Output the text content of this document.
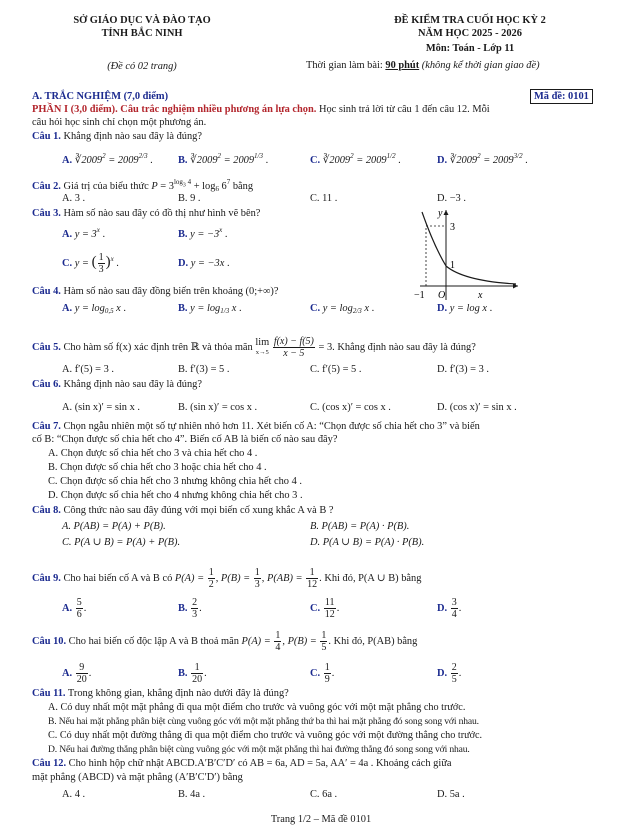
SỞ GIÁO DỤC VÀ ĐÀO TẠO
TỈNH BẮC NINH
(Đề có 02 trang)
ĐỀ KIỂM TRA CUỐI HỌC KỲ 2
NĂM HỌC 2025 - 2026
Môn: Toán - Lớp 11
Thời gian làm bài: 90 phút (không kể thời gian giao đề)
A. TRẮC NGHIỆM (7,0 điểm)	Mã đề: 0101
PHẦN I (3,0 điểm). Câu trắc nghiệm nhiều phương án lựa chọn. Học sinh trả lời từ câu 1 đến câu 12. Mỗi
câu hỏi học sinh chỉ chọn một phương án.
Câu 1. Khẳng định nào sau đây là đúng?
A. $∛2009^2 = 2009^{2/3}$ . B. $∛2009^2 = 2009^{1/3}$ .	C. $∛2009^2 = 2009^{1/2}$ .	D. $∛2009^2 = 2009^{3/2}$ .
Câu 2. Giá trị của biểu thức $P = 3^{log_3 4} + \log_6 6^7$ bằng
A. 3 .	B. 9 .	C. 11 .	D. −3 .
Câu 3. Hàm số nào sau đây có đồ thị như hình vẽ bên?
A. $y = 3^x$ .	B. $y = -3^x$ .
C. y = ( $\frac{1}{3} )^x$ .	D. y = −3x .
3
1
−1 O
y
x
Câu 4. Hàm số nào sau đây đồng biến trên khoảng (0;+∞)?
A. $y = \log_{0,5} x$ .	B. $y = \log_{1/3} x$ .	C. $y = \log_{2/3} x$ .	D. y = log x .
Câu 5. Cho hàm số f(x) xác định trên ℝ và thỏa mãn lim
$x\to 5 \frac{f(x) - f(5)}{x - 5} = 3$. Khẳng định nào sau đây là đúng?
A. f′(5) = 3 .	B. f′(3) = 5 .	C. f′(5) = 5 .	D. f′(3) = 3 .
Câu 6. Khẳng định nào sau đây là đúng?
A. (sin x)′ = sin x .	B. (sin x)′ = cos x .	C. (cos x)′ = cos x .	D. (cos x)′ = sin x .
Câu 7. Chọn ngẫu nhiên một số tự nhiên nhỏ hơn 11. Xét biến cố A: “Chọn được số chia hết cho 3” và biến
cố B: “Chọn được số chia hết cho 4”. Biến cố AB là biến cố nào sau đây?
A. Chọn được số chia hết cho 3 và chia hết cho 4 .
B. Chọn được số chia hết cho 3 hoặc chia hết cho 4 .
C. Chọn được số chia hết cho 3 nhưng không chia hết cho 4 .
D. Chọn được số chia hết cho 4 nhưng không chia hết cho 3 .
Câu 8. Công thức nào sau đây đúng với mọi biến cố xung khắc A và B ?
A. P(AB) = P(A) + P(B).	B. P(AB) = P(A) · P(B).
C. P(A ∪ B) = P(A) + P(B).	D. P(A ∪ B) = P(A) · P(B).
Câu 9. Cho hai biến cố A và B có $P(A) = \frac{1}{2}$ , $P(B) = \frac{1}{3}$ , $P(AB) = \frac{1}{12}$ . Khi đó, P(A ∪ B) bằng
A. $\frac{5}{6}$ .	B. $\frac{2}{3}$ .	C. $\frac{11}{12}$ .	D. $\frac{3}{4}$ .
Câu 10. Cho hai biến cố độc lập A và B thoả mãn $P(A) = \frac{1}{4}$ , $P(B) = \frac{1}{5}$ . Khi đó, P(AB) bằng
A. $\frac{9}{20}$ .	B. $\frac{1}{20}$ .	C. $\frac{1}{9}$ .	D. $\frac{2}{5}$ .
Câu 11. Trong không gian, khẳng định nào dưới đây là đúng?
A. Có duy nhất một mặt phẳng đi qua một điểm cho trước và vuông góc với một mặt phẳng cho trước.
B. Nếu hai mặt phẳng phân biệt cùng vuông góc với một mặt phẳng thứ ba thì hai mặt phẳng đó song song với nhau.
C. Có duy nhất một đường thẳng đi qua một điểm cho trước và vuông góc với một đường thẳng cho trước.
D. Nếu hai đường thẳng phân biệt cùng vuông góc với một mặt phẳng thì hai đường thẳng đó song song với nhau.
Câu 12. Cho hình hộp chữ nhật ABCD.A′B′C′D′ có AB = 6a, AD = 5a, AA′ = 4a . Khoảng cách giữa
mặt phẳng (ABCD) và mặt phẳng (A′B′C′D′) bằng
A. 4 .	B. 4a .	C. 6a .	D. 5a .
Trang 1/2 – Mã đề 0101
